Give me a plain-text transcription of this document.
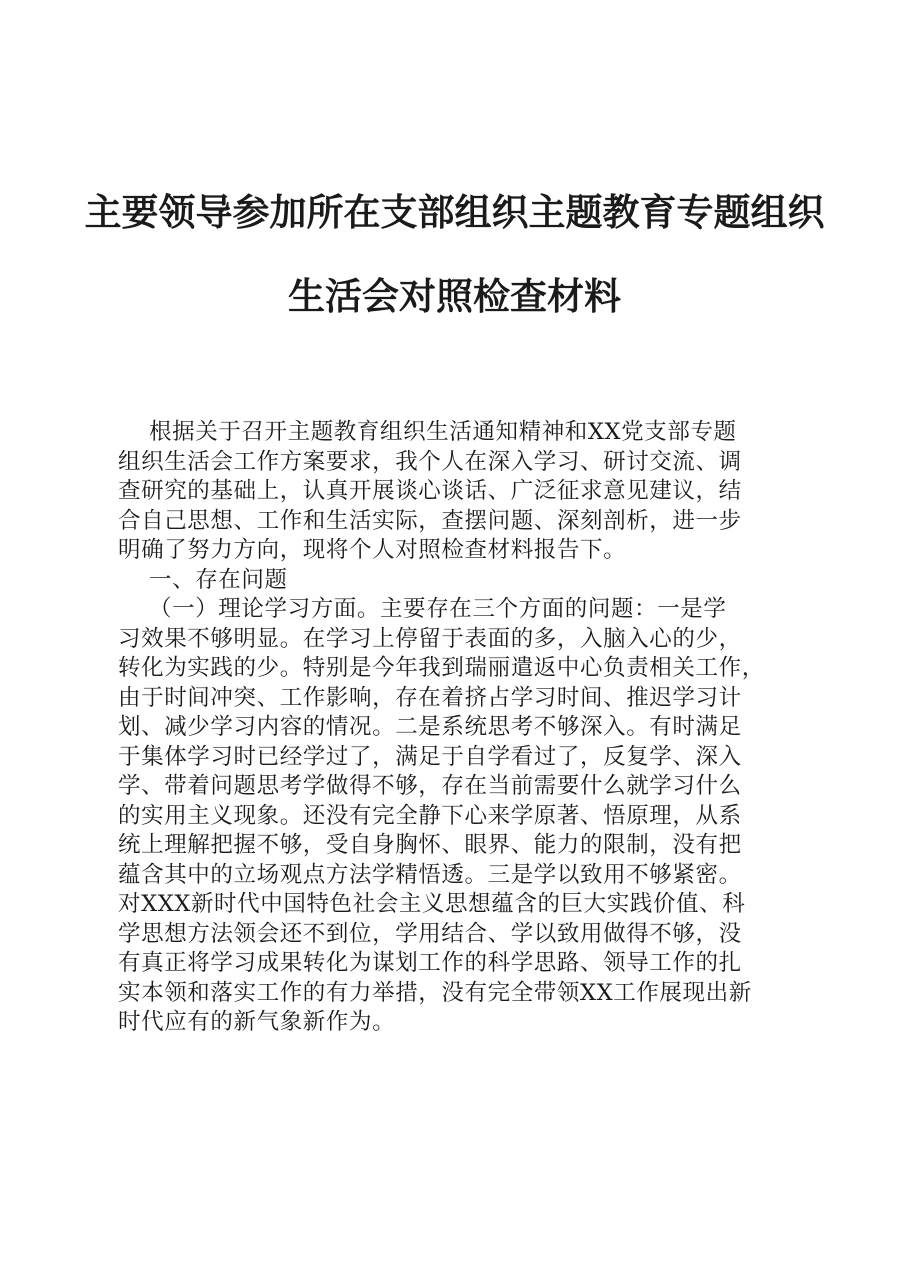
主要领导参加所在支部组织主题教育专题组织
生活会对照检查材料
根据关于召开主题教育组织生活通知精神和XX党支部专题
组织生活会工作方案要求，我个人在深入学习、研讨交流、调
查研究的基础上，认真开展谈心谈话、广泛征求意见建议，结
合自己思想、工作和生活实际，查摆问题、深刻剖析，进一步
明确了努力方向，现将个人对照检查材料报告下。
一、存在问题
（一）理论学习方面。主要存在三个方面的问题：一是学
习效果不够明显。在学习上停留于表面的多，入脑入心的少，
转化为实践的少。特别是今年我到瑞丽遣返中心负责相关工作，
由于时间冲突、工作影响，存在着挤占学习时间、推迟学习计
划、减少学习内容的情况。二是系统思考不够深入。有时满足
于集体学习时已经学过了，满足于自学看过了，反复学、深入
学、带着问题思考学做得不够，存在当前需要什么就学习什么
的实用主义现象。还没有完全静下心来学原著、悟原理，从系
统上理解把握不够，受自身胸怀、眼界、能力的限制，没有把
蕴含其中的立场观点方法学精悟透。三是学以致用不够紧密。
对XXX新时代中国特色社会主义思想蕴含的巨大实践价值、科
学思想方法领会还不到位，学用结合、学以致用做得不够，没
有真正将学习成果转化为谋划工作的科学思路、领导工作的扎
实本领和落实工作的有力举措，没有完全带领XX工作展现出新
时代应有的新气象新作为。
